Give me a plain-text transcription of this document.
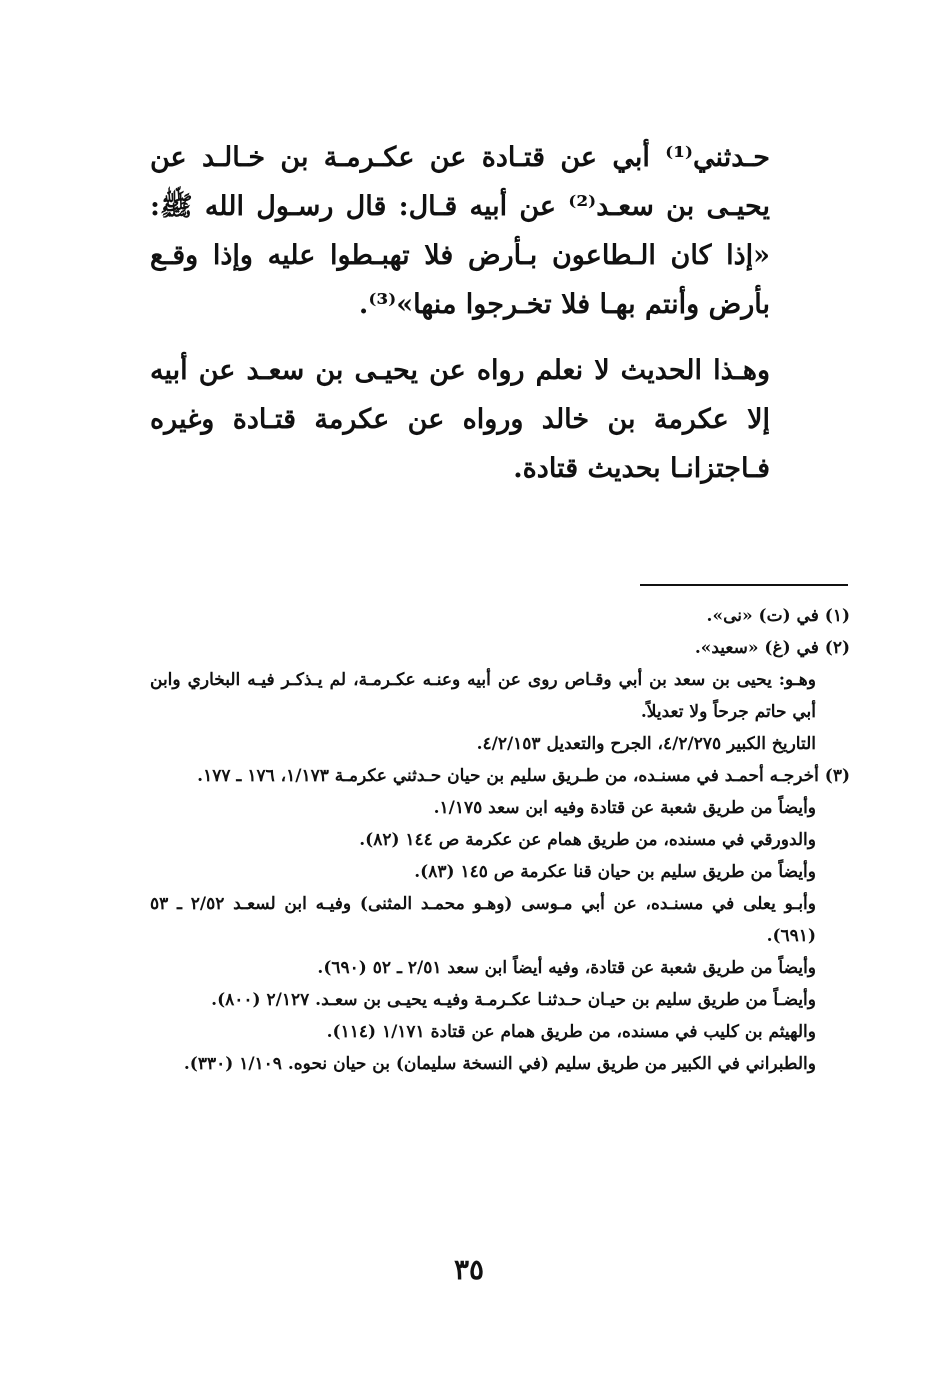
حـدثني⁽¹⁾ أبي عن قتـادة عن عكـرمـة بن خـالـد عن يحيـى بن سعـد⁽²⁾ عن أبيه قـال: قال رسـول الله ﷺ: «إذا كان الـطاعون بـأرض فلا تهبـطوا عليه وإذا وقـع بأرض وأنتم بهـا فلا تخـرجوا منها»⁽³⁾.

وهـذا الحديث لا نعلم رواه عن يحيـى بن سعـد عن أبيه إلا عكرمة بن خالد ورواه عن عكرمة قتـادة وغيره فـاجتزانـا بحديث قتادة.

(١) في (ت) «نى».
(٢) في (غ) «سعيد».
وهـو: يحيى بن سعد بن أبي وقـاص روى عن أبيه وعنـه عكـرمـة، لم يـذكـر فيـه البخاري وابن أبي حاتم جرحاً ولا تعديلاً.
التاريخ الكبير ٤/٢/٢٧٥، الجرح والتعديل ٤/٢/١٥٣.
(٣) أخرجـه أحمـد في مسنـده، من طـريق سليم بن حيان حـدثني عكرمـة ١/١٧٣، ١٧٦ ـ ١٧٧.
وأيضاً من طريق شعبة عن قتادة وفيه ابن سعد ١/١٧٥.
والدورقي في مسنده، من طريق همام عن عكرمة ص ١٤٤ (٨٢).
وأيضاً من طريق سليم بن حيان قنا عكرمة ص ١٤٥ (٨٣).
وأبـو يعلى في مسنـده، عن أبي مـوسى (وهـو محمـد المثنى) وفيـه ابن لسعـد ٢/٥٢ ـ ٥٣ (٦٩١).
وأيضاً من طريق شعبة عن قتادة، وفيه أيضاً ابن سعد ٢/٥١ ـ ٥٢ (٦٩٠).
وأيضـاً من طريق سليم بن حيـان حـدثنـا عكـرمـة وفيـه يحيـى بن سعـد. ٢/١٢٧ (٨٠٠).
والهيثم بن كليب في مسنده، من طريق همام عن قتادة ١/١٧١ (١١٤).
والطبراني في الكبير من طريق سليم (في النسخة سليمان) بن حيان نحوه. ١/١٠٩ (٣٣٠).
٣٥
